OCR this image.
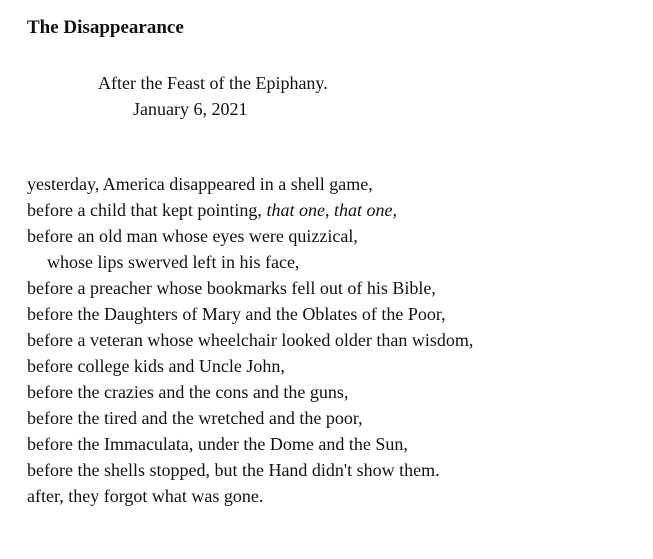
The Disappearance
After the Feast of the Epiphany.
January 6, 2021
yesterday, America disappeared in a shell game,
before a child that kept pointing, that one, that one,
before an old man whose eyes were quizzical,
whose lips swerved left in his face,
before a preacher whose bookmarks fell out of his Bible,
before the Daughters of Mary and the Oblates of the Poor,
before a veteran whose wheelchair looked older than wisdom,
before college kids and Uncle John,
before the crazies and the cons and the guns,
before the tired and the wretched and the poor,
before the Immaculata, under the Dome and the Sun,
before the shells stopped, but the Hand didn't show them.
after, they forgot what was gone.
